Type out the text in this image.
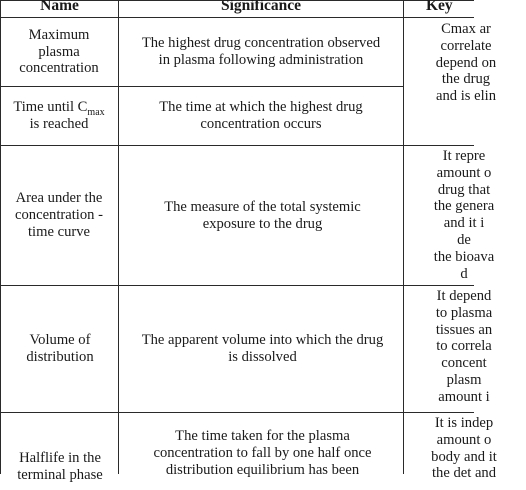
Name	Significance	Key
Maximum plasma concentration
The highest drug concentration observed in plasma following administration
Time until $C_{max}$ is reached
The time at which the highest drug concentration occurs
Cmax ar
correlate
depend on
the drug
and is elin
Area under the concentration - time curve
The measure of the total systemic exposure to the drug
It repre
amount o
drug that
the genera
and it i
de
the bioava
d
Volume of distribution
The apparent volume into which the drug is dissolved
It depend
to plasma
tissues an
to correla
concent
plasm
amount i
Halflife in the terminal phase
The time taken for the plasma concentration to fall by one half once distribution equilibrium has been
It is indep
amount o
body and it
the det and
